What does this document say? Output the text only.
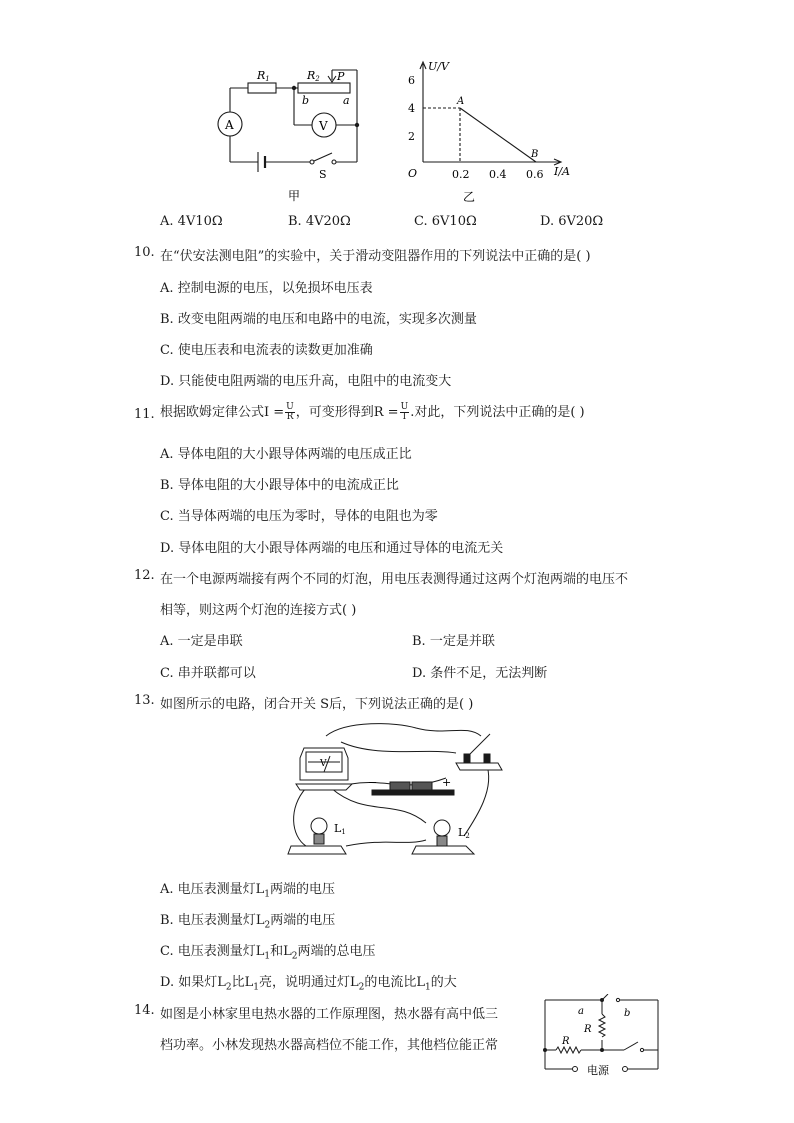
R1	R2 P
b	a
A	V
S
甲
U/V
I/A
O
6
4
2
0.2 0.4 0.6
A
B
乙
A. 4V10Ω	B. 4V20Ω	C. 6V10Ω	D. 6V20Ω
10. 在“伏安法测电阻”的实验中，关于滑动变阻器作用的下列说法中正确的是( )
A. 控制电源的电压，以免损坏电压表
B. 改变电阻两端的电压和电路中的电流，实现多次测量
C. 使电压表和电流表的读数更加准确
D. 只能使电阻两端的电压升高，电阻中的电流变大
11. 根据欧姆定律公式$I = \frac{U}{R}$ ，可变形得到$R = \frac{U}{I}$ .对此，下列说法中正确的是( )
A. 导体电阻的大小跟导体两端的电压成正比
B. 导体电阻的大小跟导体中的电流成正比
C. 当导体两端的电压为零时，导体的电阻也为零
D. 导体电阻的大小跟导体两端的电压和通过导体的电流无关
12. 在一个电源两端接有两个不同的灯泡，用电压表测得通过这两个灯泡两端的电压不
相等，则这两个灯泡的连接方式( )
A. 一定是串联	B. 一定是并联
C. 串并联都可以	D. 条件不足，无法判断
13. 如图所示的电路，闭合开关 S后，下列说法正确的是( )
V
−	+
L1	L2
A. 电压表测量灯$L_1$两端的电压
B. 电压表测量灯$L_2$两端的电压
C. 电压表测量灯$L_1$和$L_2$两端的总电压
D. 如果灯$L_2$比$L_1$亮，说明通过灯$L_2$的电流比$L_1$的大
14. 如图是小林家里电热水器的工作原理图，热水器有高中低三
档功率。小林发现热水器高档位不能工作，其他档位能正常
a	b
R
R
电源
